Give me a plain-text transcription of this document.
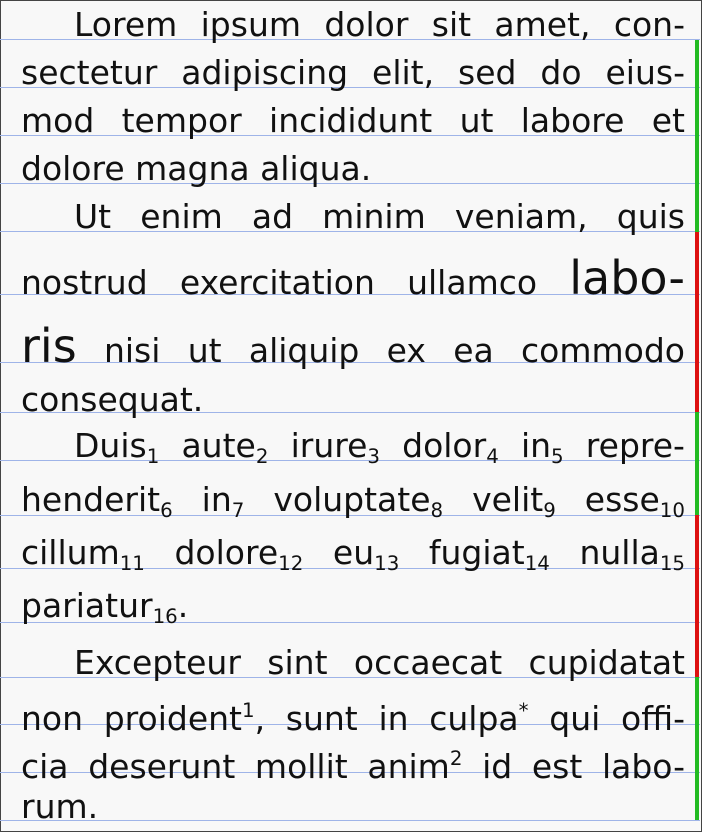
Lorem ipsum dolor sit amet, con-
sectetur adipiscing elit, sed do eius-
mod tempor incididunt ut labore et
dolore magna aliqua.
Ut enim ad minim veniam, quis
nostrud exercitation ullamco labo-
ris nisi ut aliquip ex ea commodo
consequat.
Duis$_1$ aute$_2$ irure$_3$ dolor$_4$ $in_5$ repre-
henderit$_6$ $in_7$ voluptate$_8$ velit$_9$ esse$_{10}$
cillum$_{11}$ dolore$_{12}$ $eu_{13}$ fugiat$_{14}$ nulla$_{15}$
pariatur$_{16}$.
Excepteur sint occaecat cupidatat
non proident$^1$, sunt in culpa* qui offi-
cia deserunt mollit anim$^2$ id est labo-
rum.
